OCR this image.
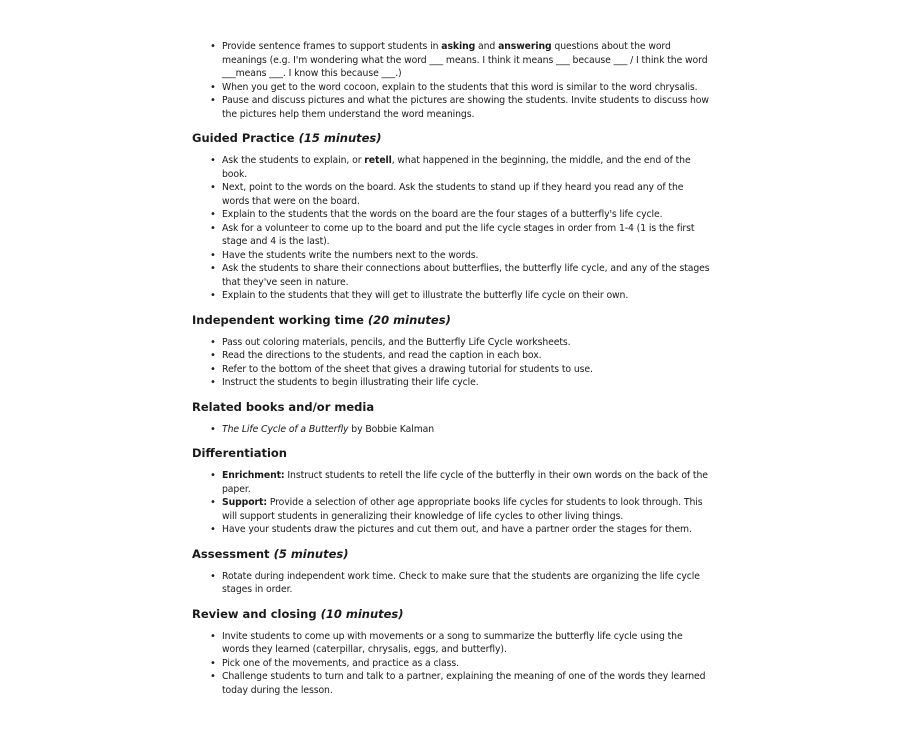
• Provide sentence frames to support students in asking and answering questions about the word meanings (e.g. I'm wondering what the word ___ means. I think it means ___ because ___ / I think the word ___means ___. I know this because ___.)
• When you get to the word cocoon, explain to the students that this word is similar to the word chrysalis.
• Pause and discuss pictures and what the pictures are showing the students. Invite students to discuss how the pictures help them understand the word meanings.
Guided Practice (15 minutes)
• Ask the students to explain, or retell, what happened in the beginning, the middle, and the end of the book.
• Next, point to the words on the board. Ask the students to stand up if they heard you read any of the words that were on the board.
• Explain to the students that the words on the board are the four stages of a butterfly's life cycle.
• Ask for a volunteer to come up to the board and put the life cycle stages in order from 1-4 (1 is the first stage and 4 is the last).
• Have the students write the numbers next to the words.
• Ask the students to share their connections about butterflies, the butterfly life cycle, and any of the stages that they've seen in nature.
• Explain to the students that they will get to illustrate the butterfly life cycle on their own.
Independent working time (20 minutes)
• Pass out coloring materials, pencils, and the Butterfly Life Cycle worksheets.
• Read the directions to the students, and read the caption in each box.
• Refer to the bottom of the sheet that gives a drawing tutorial for students to use.
• Instruct the students to begin illustrating their life cycle.
Related books and/or media
• The Life Cycle of a Butterfly by Bobbie Kalman
Differentiation
• Enrichment: Instruct students to retell the life cycle of the butterfly in their own words on the back of the paper.
• Support: Provide a selection of other age appropriate books life cycles for students to look through. This will support students in generalizing their knowledge of life cycles to other living things.
• Have your students draw the pictures and cut them out, and have a partner order the stages for them.
Assessment (5 minutes)
• Rotate during independent work time. Check to make sure that the students are organizing the life cycle stages in order.
Review and closing (10 minutes)
• Invite students to come up with movements or a song to summarize the butterfly life cycle using the words they learned (caterpillar, chrysalis, eggs, and butterfly).
• Pick one of the movements, and practice as a class.
• Challenge students to turn and talk to a partner, explaining the meaning of one of the words they learned today during the lesson.
